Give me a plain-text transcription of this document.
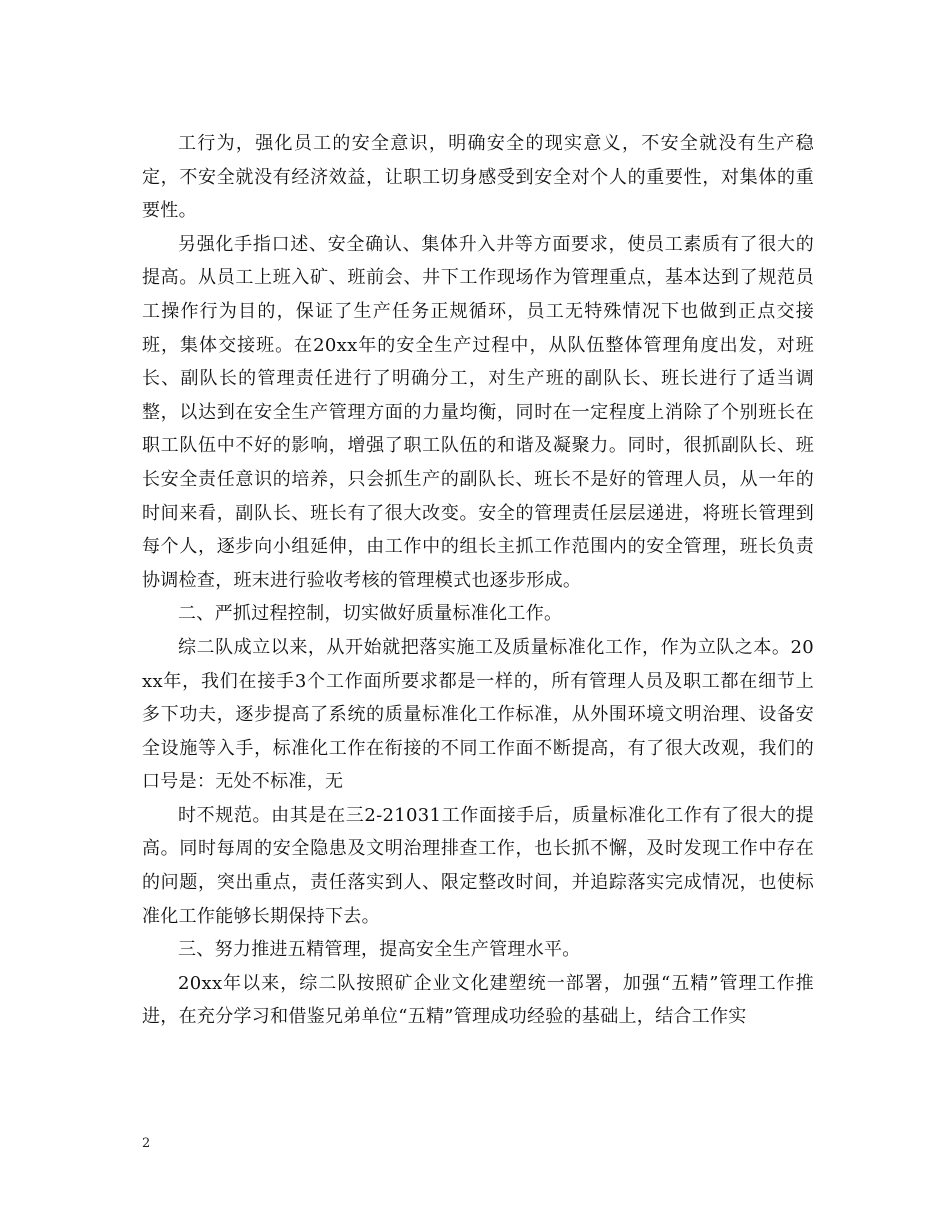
工行为，强化员工的安全意识，明确安全的现实意义，不安全就没有生产稳定，不安全就没有经济效益，让职工切身感受到安全对个人的重要性，对集体的重要性。

另强化手指口述、安全确认、集体升入井等方面要求，使员工素质有了很大的提高。从员工上班入矿、班前会、井下工作现场作为管理重点，基本达到了规范员工操作行为目的，保证了生产任务正规循环，员工无特殊情况下也做到正点交接班，集体交接班。在20xx年的安全生产过程中，从队伍整体管理角度出发，对班长、副队长的管理责任进行了明确分工，对生产班的副队长、班长进行了适当调整，以达到在安全生产管理方面的力量均衡，同时在一定程度上消除了个别班长在职工队伍中不好的影响，增强了职工队伍的和谐及凝聚力。同时，很抓副队长、班长安全责任意识的培养，只会抓生产的副队长、班长不是好的管理人员，从一年的时间来看，副队长、班长有了很大改变。安全的管理责任层层递进，将班长管理到每个人，逐步向小组延伸，由工作中的组长主抓工作范围内的安全管理，班长负责协调检查，班末进行验收考核的管理模式也逐步形成。

二、严抓过程控制，切实做好质量标准化工作。

综二队成立以来，从开始就把落实施工及质量标准化工作，作为立队之本。20xx年，我们在接手3个工作面所要求都是一样的，所有管理人员及职工都在细节上多下功夫，逐步提高了系统的质量标准化工作标准，从外围环境文明治理、设备安全设施等入手，标准化工作在衔接的不同工作面不断提高，有了很大改观，我们的口号是：无处不标准，无

时不规范。由其是在三2-21031工作面接手后，质量标准化工作有了很大的提高。同时每周的安全隐患及文明治理排查工作，也长抓不懈，及时发现工作中存在的问题，突出重点，责任落实到人、限定整改时间，并追踪落实完成情况，也使标准化工作能够长期保持下去。

三、努力推进五精管理，提高安全生产管理水平。

20xx年以来，综二队按照矿企业文化建塑统一部署，加强“五精”管理工作推进，在充分学习和借鉴兄弟单位“五精”管理成功经验的基础上，结合工作实

2
